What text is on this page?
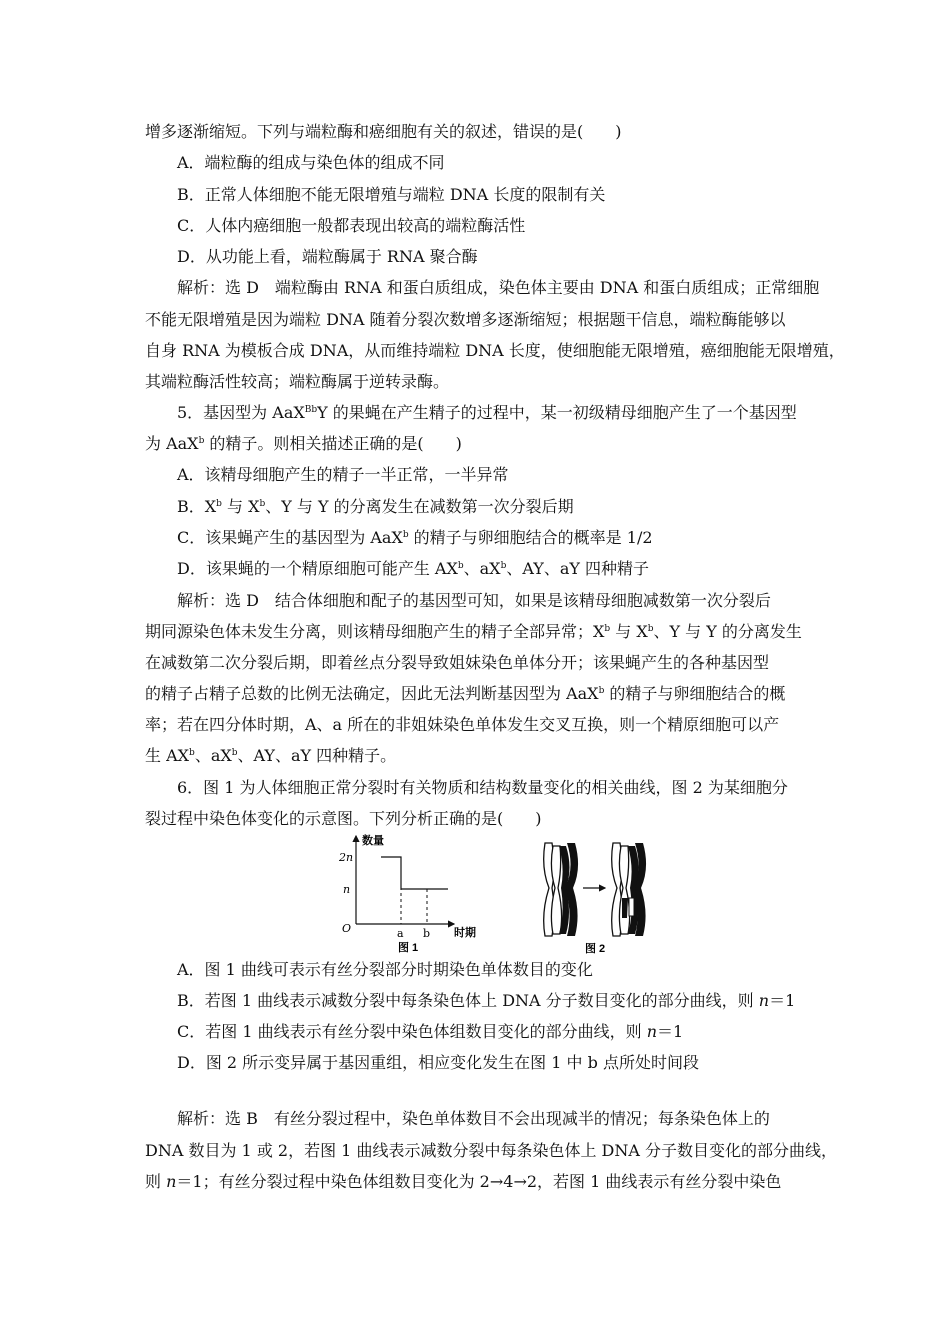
增多逐渐缩短。下列与端粒酶和癌细胞有关的叙述，错误的是(　　)
A．端粒酶的组成与染色体的组成不同
B．正常人体细胞不能无限增殖与端粒 DNA 长度的限制有关
C．人体内癌细胞一般都表现出较高的端粒酶活性
D．从功能上看，端粒酶属于 RNA 聚合酶
解析：选 D　端粒酶由 RNA 和蛋白质组成，染色体主要由 DNA 和蛋白质组成；正常细胞
不能无限增殖是因为端粒 DNA 随着分裂次数增多逐渐缩短；根据题干信息，端粒酶能够以
自身 RNA 为模板合成 DNA，从而维持端粒 DNA 长度，使细胞能无限增殖，癌细胞能无限增殖，
其端粒酶活性较高；端粒酶属于逆转录酶。
5．基因型为 AaX$^{Bb}$Y 的果蝇在产生精子的过程中，某一初级精母细胞产生了一个基因型
为 AaX$^b$ 的精子。则相关描述正确的是(　　)
A．该精母细胞产生的精子一半正常，一半异常
B．$X^b$ 与 $X^b$、Y 与 Y 的分离发生在减数第一次分裂后期
C．该果蝇产生的基因型为 AaX$^b$ 的精子与卵细胞结合的概率是 1/2
D．该果蝇的一个精原细胞可能产生 $AX^b$、$aX^b$、AY、aY 四种精子
解析：选 D　结合体细胞和配子的基因型可知，如果是该精母细胞减数第一次分裂后
期同源染色体未发生分离，则该精母细胞产生的精子全部异常；$X^b$ 与 $X^b$、Y 与 Y 的分离发生
在减数第二次分裂后期，即着丝点分裂导致姐妹染色单体分开；该果蝇产生的各种基因型
的精子占精子总数的比例无法确定，因此无法判断基因型为 AaX$^b$ 的精子与卵细胞结合的概
率；若在四分体时期，A、a 所在的非姐妹染色单体发生交叉互换，则一个精原细胞可以产
生 $AX^b$、$aX^b$、AY、aY 四种精子。
6．图 1 为人体细胞正常分裂时有关物质和结构数量变化的相关曲线，图 2 为某细胞分
裂过程中染色体变化的示意图。下列分析正确的是(　　)
数量
2n
n
O	a b 时期
图 1	图 2
A．图 1 曲线可表示有丝分裂部分时期染色单体数目的变化
B．若图 1 曲线表示减数分裂中每条染色体上 DNA 分子数目变化的部分曲线，则 n＝1
C．若图 1 曲线表示有丝分裂中染色体组数目变化的部分曲线，则 n＝1
D．图 2 所示变异属于基因重组，相应变化发生在图 1 中 b 点所处时间段
解析：选 B　有丝分裂过程中，染色单体数目不会出现减半的情况；每条染色体上的
DNA 数目为 1 或 2，若图 1 曲线表示减数分裂中每条染色体上 DNA 分子数目变化的部分曲线，
则 n＝1；有丝分裂过程中染色体组数目变化为 2→4→2，若图 1 曲线表示有丝分裂中染色
